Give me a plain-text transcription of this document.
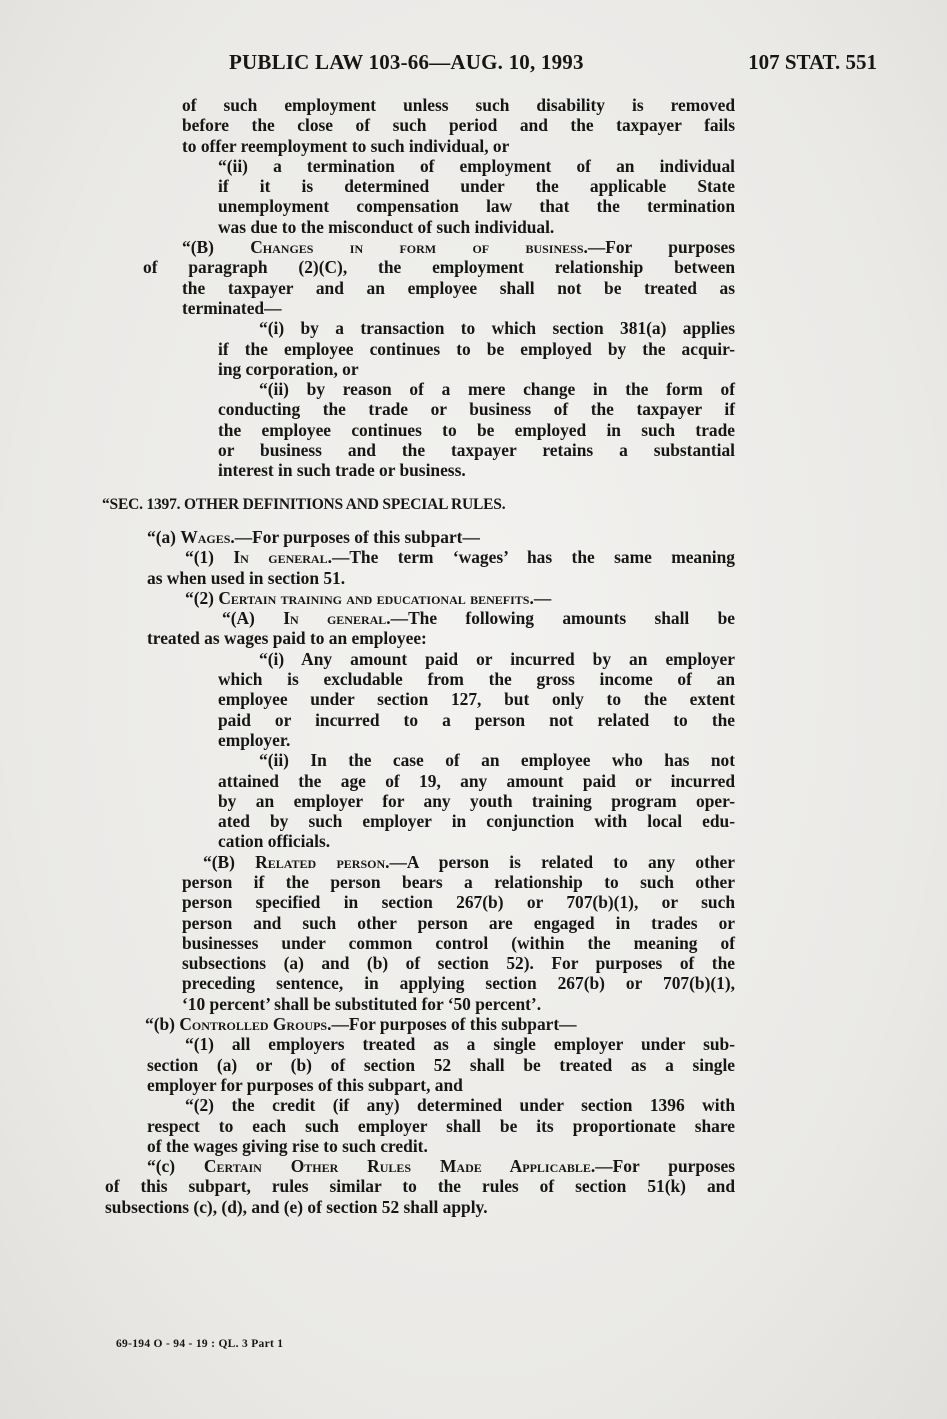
PUBLIC LAW 103-66—AUG. 10, 1993	107 STAT. 551
of such employment unless such disability is removed
before the close of such period and the taxpayer fails
to offer reemployment to such individual, or
“(ii) a termination of employment of an individual
if it is determined under the applicable State
unemployment compensation law that the termination
was due to the misconduct of such individual.
“(B) Changes in form of business.—For purposes
of paragraph (2)(C), the employment relationship between
the taxpayer and an employee shall not be treated as
terminated—
“(i) by a transaction to which section 381(a) applies
if the employee continues to be employed by the acquir-
ing corporation, or
“(ii) by reason of a mere change in the form of
conducting the trade or business of the taxpayer if
the employee continues to be employed in such trade
or business and the taxpayer retains a substantial
interest in such trade or business.
“SEC. 1397. OTHER DEFINITIONS AND SPECIAL RULES.
“(a) Wages.—For purposes of this subpart—
“(1) In general.—The term ‘wages’ has the same meaning
as when used in section 51.
“(2) Certain training and educational benefits.—
“(A) In general.—The following amounts shall be
treated as wages paid to an employee:
“(i) Any amount paid or incurred by an employer
which is excludable from the gross income of an
employee under section 127, but only to the extent
paid or incurred to a person not related to the
employer.
“(ii) In the case of an employee who has not
attained the age of 19, any amount paid or incurred
by an employer for any youth training program oper-
ated by such employer in conjunction with local edu-
cation officials.
“(B) Related person.—A person is related to any other
person if the person bears a relationship to such other
person specified in section 267(b) or 707(b)(1), or such
person and such other person are engaged in trades or
businesses under common control (within the meaning of
subsections (a) and (b) of section 52). For purposes of the
preceding sentence, in applying section 267(b) or 707(b)(1),
‘10 percent’ shall be substituted for ‘50 percent’.
“(b) Controlled Groups.—For purposes of this subpart—
“(1) all employers treated as a single employer under sub-
section (a) or (b) of section 52 shall be treated as a single
employer for purposes of this subpart, and
“(2) the credit (if any) determined under section 1396 with
respect to each such employer shall be its proportionate share
of the wages giving rise to such credit.
“(c) Certain Other Rules Made Applicable.—For purposes
of this subpart, rules similar to the rules of section 51(k) and
subsections (c), (d), and (e) of section 52 shall apply.
69-194 O - 94 - 19 : QL. 3 Part 1
